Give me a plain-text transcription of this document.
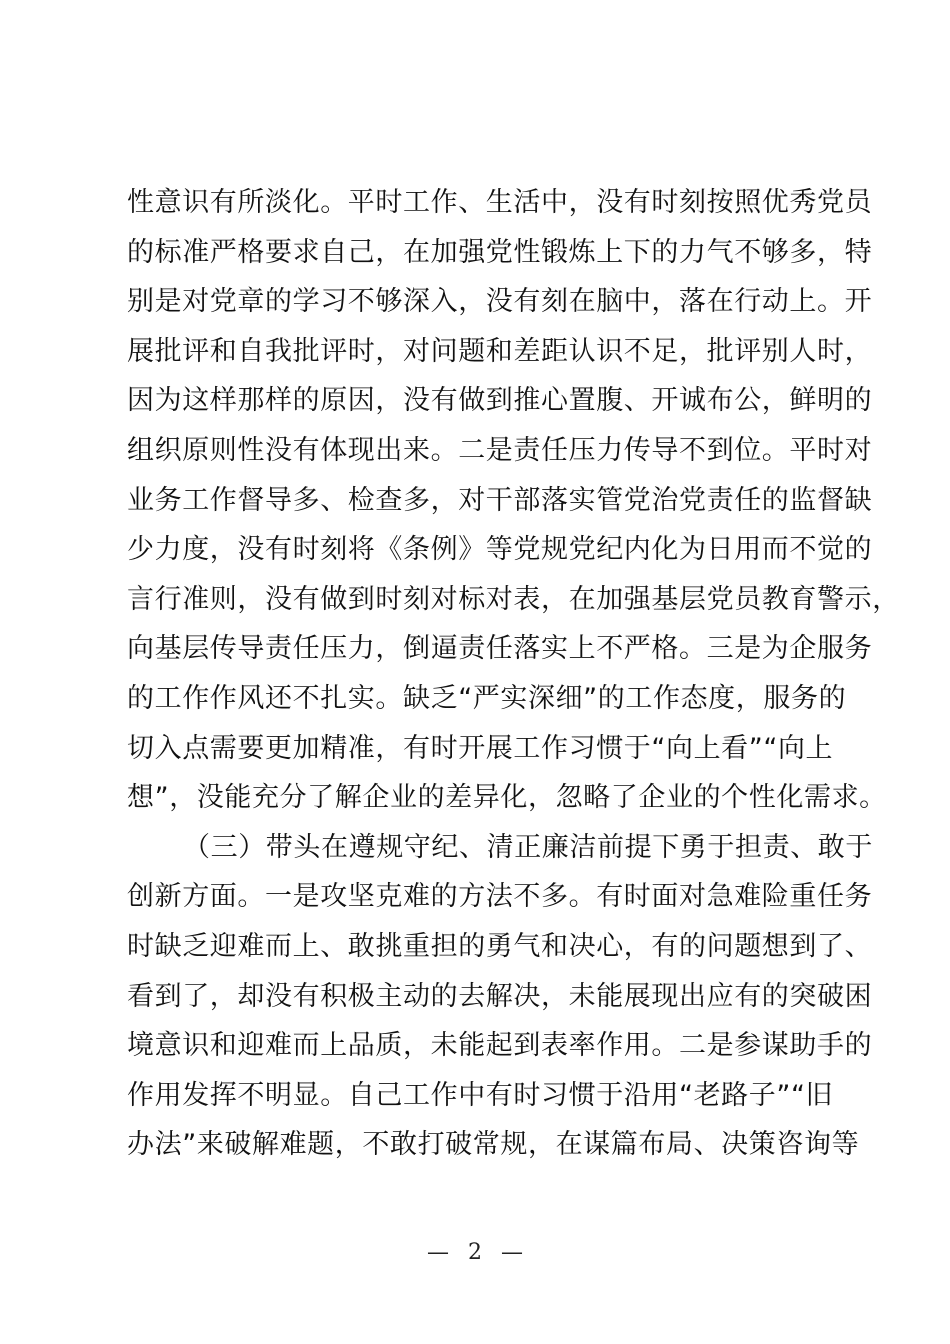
性意识有所淡化。平时工作、生活中，没有时刻按照优秀党员
的标准严格要求自己，在加强党性锻炼上下的力气不够多，特
别是对党章的学习不够深入，没有刻在脑中，落在行动上。开
展批评和自我批评时，对问题和差距认识不足，批评别人时，
因为这样那样的原因，没有做到推心置腹、开诚布公，鲜明的
组织原则性没有体现出来。二是责任压力传导不到位。平时对
业务工作督导多、检查多，对干部落实管党治党责任的监督缺
少力度，没有时刻将《条例》等党规党纪内化为日用而不觉的
言行准则，没有做到时刻对标对表，在加强基层党员教育警示，
向基层传导责任压力，倒逼责任落实上不严格。三是为企服务
的工作作风还不扎实。缺乏“严实深细”的工作态度，服务的
切入点需要更加精准，有时开展工作习惯于“向上看”“向上
想”，没能充分了解企业的差异化，忽略了企业的个性化需求。
（三）带头在遵规守纪、清正廉洁前提下勇于担责、敢于
创新方面。一是攻坚克难的方法不多。有时面对急难险重任务
时缺乏迎难而上、敢挑重担的勇气和决心，有的问题想到了、
看到了，却没有积极主动的去解决，未能展现出应有的突破困
境意识和迎难而上品质，未能起到表率作用。二是参谋助手的
作用发挥不明显。自己工作中有时习惯于沿用“老路子”“旧
办法”来破解难题，不敢打破常规，在谋篇布局、决策咨询等
— 2 —
